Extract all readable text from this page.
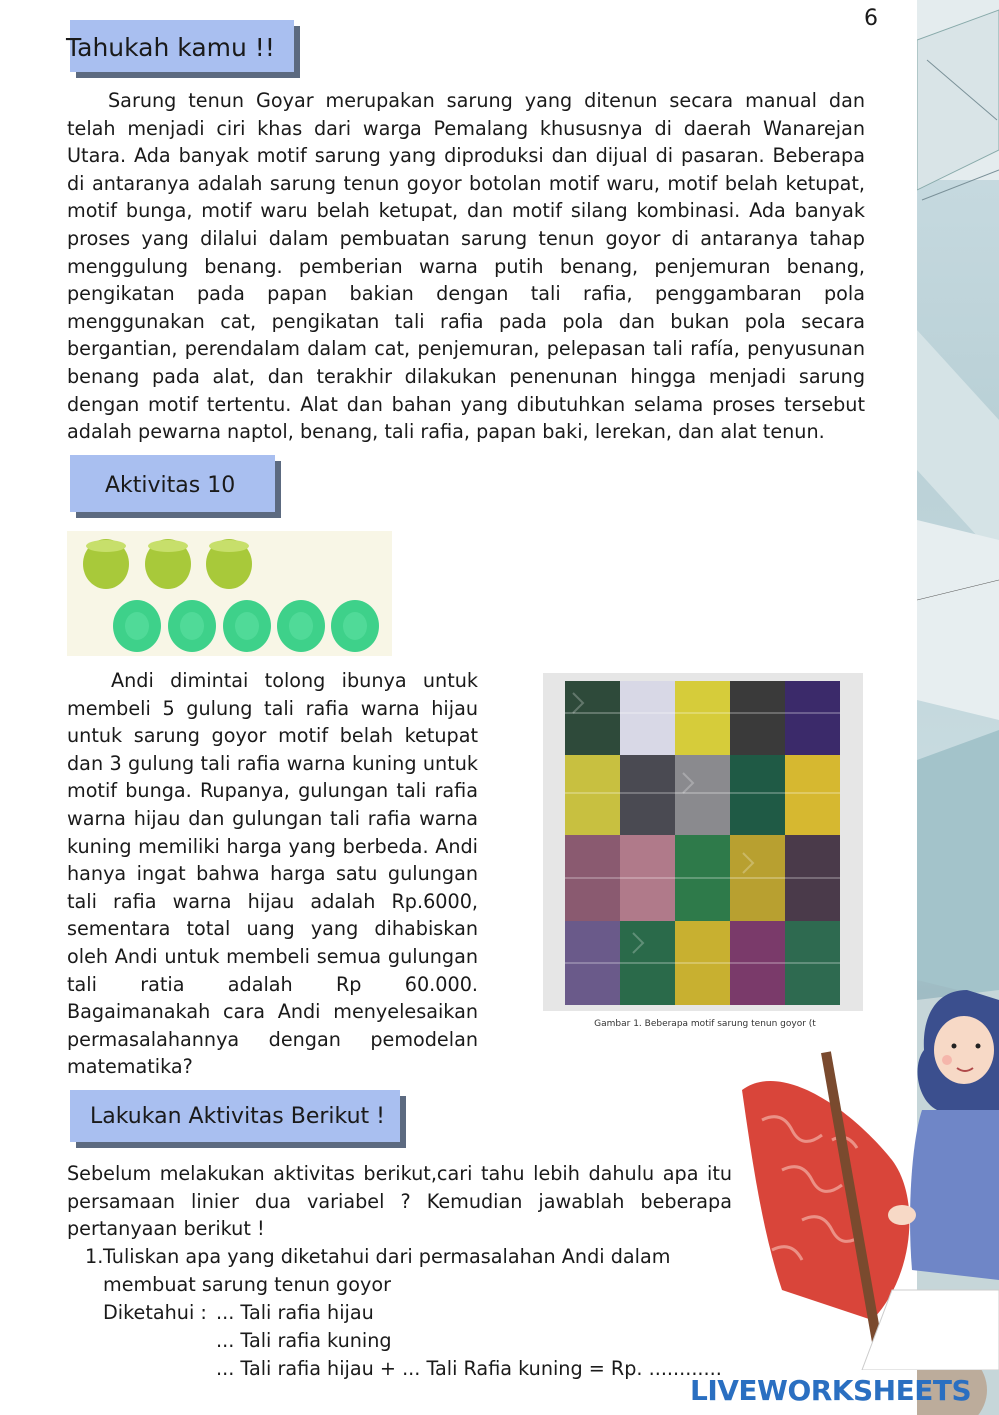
6
Tahukah kamu !!

Sarung tenun Goyar merupakan sarung yang ditenun secara manual dan telah menjadi ciri khas dari warga Pemalang khususnya di daerah Wanarejan Utara. Ada banyak motif sarung yang diproduksi dan dijual di pasaran. Beberapa di antaranya adalah sarung tenun goyor botolan motif waru, motif belah ketupat, motif bunga, motif waru belah ketupat, dan motif silang kombinasi. Ada banyak proses yang dilalui dalam pembuatan sarung tenun goyor di antaranya tahap menggulung benang. pemberian warna putih benang, penjemuran benang, pengikatan pada papan bakian dengan tali rafia, penggambaran pola menggunakan cat, pengikatan tali rafia pada pola dan bukan pola secara bergantian, perendalam dalam cat, penjemuran, pelepasan tali rafía, penyusunan benang pada alat, dan terakhir dilakukan penenunan hingga menjadi sarung dengan motif tertentu. Alat dan bahan yang dibutuhkan selama proses tersebut adalah pewarna naptol, benang, tali rafia, papan baki, lerekan, dan alat tenun.

Aktivitas 10

Andi dimintai tolong ibunya untuk membeli 5 gulung tali rafia warna hijau untuk sarung goyor motif belah ketupat dan 3 gulung tali rafia warna kuning untuk motif bunga. Rupanya, gulungan tali rafia warna hijau dan gulungan tali rafia warna kuning memiliki harga yang berbeda. Andi hanya ingat bahwa harga satu gulungan tali rafia warna hijau adalah Rp.6000, sementara total uang yang dihabiskan oleh Andi untuk membeli semua gulungan tali ratia adalah Rp 60.000. Bagaimanakah cara Andi menyelesaikan permasalahannya dengan pemodelan matematika?

Gambar 1. Beberapa motif sarung tenun goyor (t
Lakukan Aktivitas Berikut !

Sebelum melakukan aktivitas berikut,cari tahu lebih dahulu apa itu persamaan linier dua variabel ? Kemudian jawablah beberapa pertanyaan berikut !

1. Tuliskan apa yang diketahui dari permasalahan Andi dalam
membuat sarung tenun goyor
Diketahui : ... Tali rafia hijau
... Tali rafia kuning
... Tali rafia hijau + ... Tali Rafia kuning = Rp. ............
LIVEWORKSHEETS
